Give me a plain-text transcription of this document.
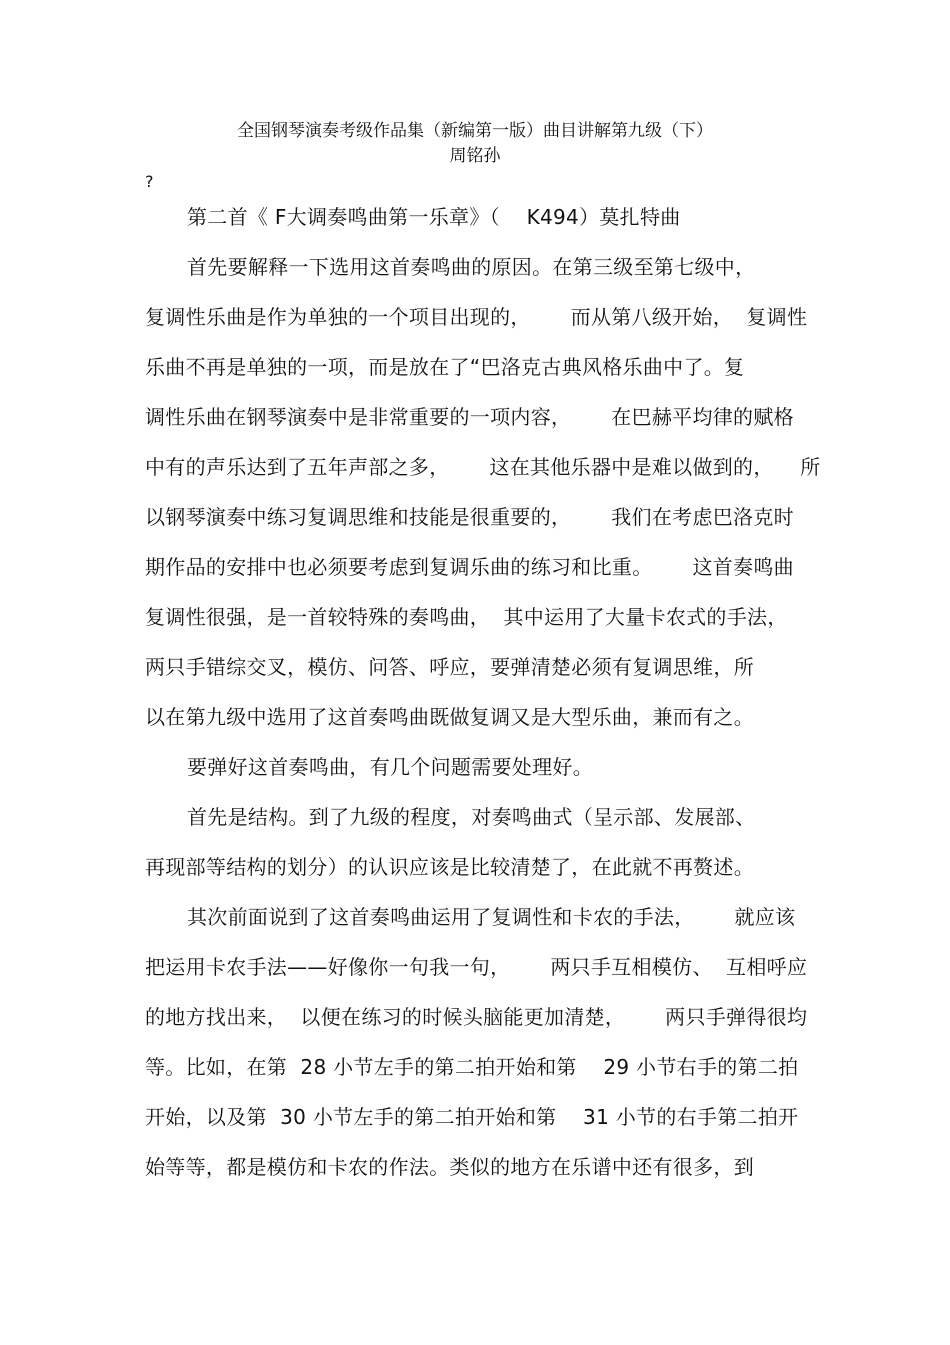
全国钢琴演奏考级作品集（新编第一版）曲目讲解第九级（下）
周铭孙
?
第二首《 F大调奏鸣曲第一乐章》（    K494）莫扎特曲
首先要解释一下选用这首奏鸣曲的原因。在第三级至第七级中，
复调性乐曲是作为单独的一个项目出现的，      而从第八级开始，  复调性
乐曲不再是单独的一项，而是放在了“巴洛克古典风格乐曲中了。复
调性乐曲在钢琴演奏中是非常重要的一项内容，      在巴赫平均律的赋格
中有的声乐达到了五年声部之多，      这在其他乐器中是难以做到的，    所
以钢琴演奏中练习复调思维和技能是很重要的，      我们在考虑巴洛克时
期作品的安排中也必须要考虑到复调乐曲的练习和比重。      这首奏鸣曲
复调性很强，是一首较特殊的奏鸣曲，  其中运用了大量卡农式的手法，
两只手错综交叉，模仿、问答、呼应，要弹清楚必须有复调思维，所
以在第九级中选用了这首奏鸣曲既做复调又是大型乐曲，兼而有之。
要弹好这首奏鸣曲，有几个问题需要处理好。
首先是结构。到了九级的程度，对奏鸣曲式（呈示部、发展部、
再现部等结构的划分）的认识应该是比较清楚了，在此就不再赘述。
其次前面说到了这首奏鸣曲运用了复调性和卡农的手法，      就应该
把运用卡农手法——好像你一句我一句，      两只手互相模仿、  互相呼应
的地方找出来，  以便在练习的时候头脑能更加清楚，      两只手弹得很均
等。比如，在第  28 小节左手的第二拍开始和第    29 小节右手的第二拍
开始，以及第  30 小节左手的第二拍开始和第    31 小节的右手第二拍开
始等等，都是模仿和卡农的作法。类似的地方在乐谱中还有很多，到
